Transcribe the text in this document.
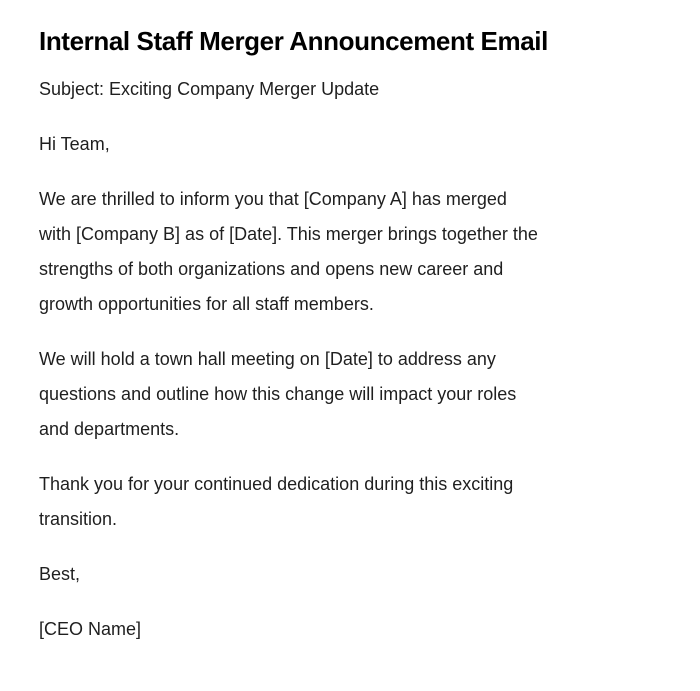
Internal Staff Merger Announcement Email

Subject: Exciting Company Merger Update

Hi Team,

We are thrilled to inform you that [Company A] has merged
with [Company B] as of [Date]. This merger brings together the
strengths of both organizations and opens new career and
growth opportunities for all staff members.

We will hold a town hall meeting on [Date] to address any
questions and outline how this change will impact your roles
and departments.

Thank you for your continued dedication during this exciting
transition.

Best,

[CEO Name]
